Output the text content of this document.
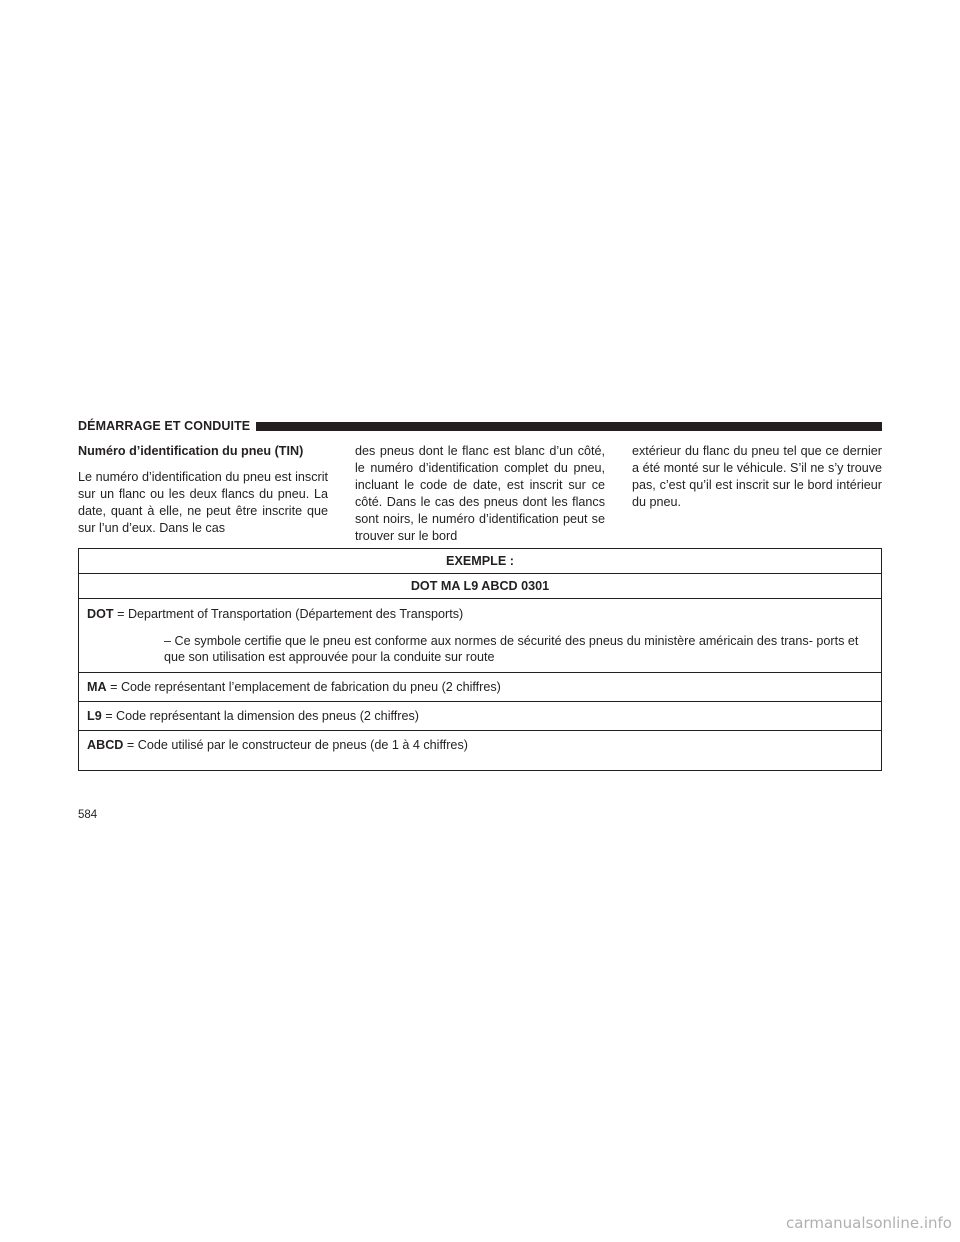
DÉMARRAGE ET CONDUITE

Numéro d’identification du pneu (TIN)

Le numéro d’identification du pneu est inscrit sur un flanc ou les deux flancs du pneu. La date, quant à elle, ne peut être inscrite que sur l’un d’eux. Dans le cas

des pneus dont le flanc est blanc d’un côté, le numéro d’identification complet du pneu, incluant le code de date, est inscrit sur ce côté. Dans le cas des pneus dont les flancs sont noirs, le numéro d’identification peut se trouver sur le bord

extérieur du flanc du pneu tel que ce dernier a été monté sur le véhicule. S’il ne s’y trouve pas, c’est qu’il est inscrit sur le bord intérieur du pneu.

EXEMPLE :
DOT MA L9 ABCD 0301

DOT = Department of Transportation (Département des Transports)
– Ce symbole certifie que le pneu est conforme aux normes de sécurité des pneus du ministère américain des trans- ports et que son utilisation est approuvée pour la conduite sur route

MA = Code représentant l’emplacement de fabrication du pneu (2 chiffres)
L9 = Code représentant la dimension des pneus (2 chiffres)
ABCD = Code utilisé par le constructeur de pneus (de 1 à 4 chiffres)
584
carmanualsonline.info
